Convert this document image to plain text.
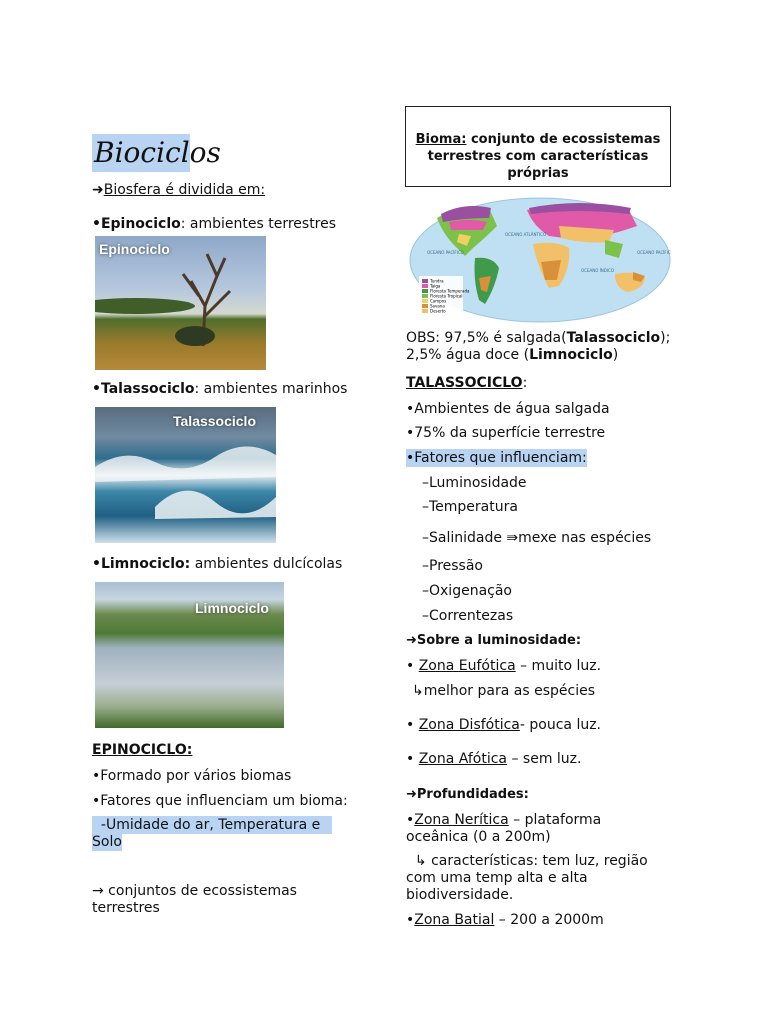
Biociclos
➜Biosfera é dividida em:
•Epinociclo: ambientes terrestres
Epinociclo
•Talassociclo: ambientes marinhos
Talassociclo
•Limnociclo: ambientes dulcícolas
Limnociclo
EPINOCICLO:
•Formado por vários biomas
•Fatores que influenciam um bioma:
-Umidade do ar, Temperatura e
Solo
→ conjuntos de ecossistemas
terrestres
Bioma: conjunto de ecossistemas
terrestres com características
próprias
Tundra
Taiga
Floresta Temperada
Floresta Tropical
Campos
Savana
Deserto
OCEANO ATLÂNTICO
OCEANO PACÍFICO	OCEANO PACÍFICO
OCEANO ÍNDICO
OBS: 97,5% é salgada(Talassociclo);
2,5% água doce (Limnociclo)
TALASSOCICLO:
•Ambientes de água salgada
•75% da superfície terrestre
•Fatores que influenciam:
–Luminosidade
–Temperatura
–Salinidade ⇛mexe nas espécies
–Pressão
–Oxigenação
–Correntezas
➜Sobre a luminosidade:
• Zona Eufótica – muito luz.
↳melhor para as espécies
• Zona Disfótica- pouca luz.
• Zona Afótica – sem luz.
➜Profundidades:
•Zona Nerítica – plataforma
oceânica (0 a 200m)
↳ características: tem luz, região
com uma temp alta e alta
biodiversidade.
•Zona Batial – 200 a 2000m
